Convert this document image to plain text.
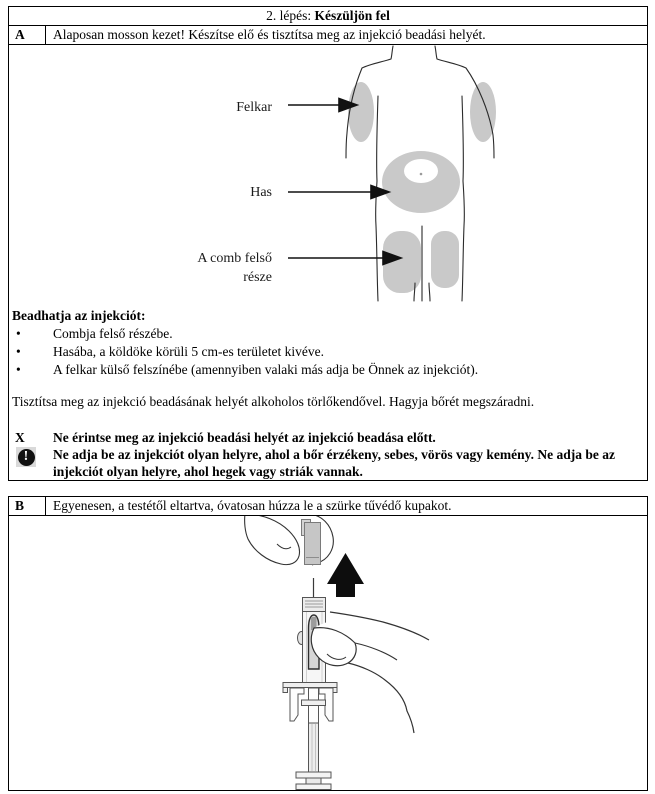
2. lépés: Készüljön fel
A	Alaposan mosson kezet! Készítse elő és tisztítsa meg az injekció beadási helyét.
Felkar
Has
A comb felső
része
Beadhatja az injekciót:
•	Combja felső részébe.
•	Hasába, a köldöke körüli 5 cm-es területet kivéve.
•	A felkar külső felszínébe (amennyiben valaki más adja be Önnek az injekciót).
Tisztítsa meg az injekció beadásának helyét alkoholos törlőkendővel. Hagyja bőrét megszáradni.
X	Ne érintse meg az injekció beadási helyét az injekció beadása előtt.
!	Ne adja be az injekciót olyan helyre, ahol a bőr érzékeny, sebes, vörös vagy kemény. Ne adja be az injekciót olyan helyre, ahol hegek vagy striák vannak.
B	Egyenesen, a testétől eltartva, óvatosan húzza le a szürke tűvédő kupakot.
